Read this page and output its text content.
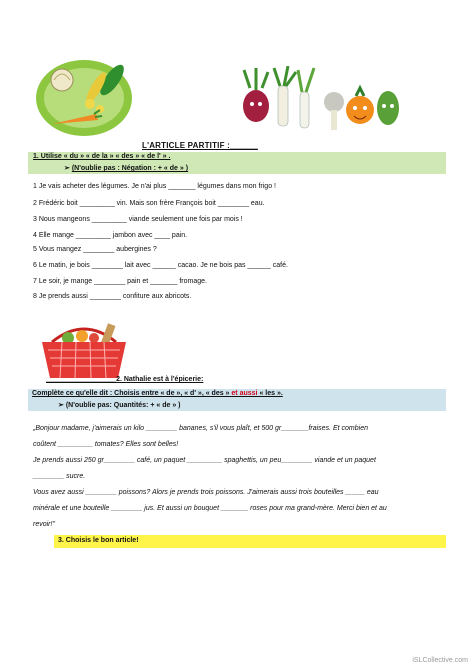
L'ARTICLE PARTITIF :______
1. Utilise « du » « de la » « des » « de l' » .
➢ (N'oublie pas : Négation : + « de » )
1 Je vais acheter des légumes. Je n'ai plus _______ légumes dans mon frigo !
2 Frédéric boit _________ vin. Mais son frère François boit ________ eau.
3 Nous mangeons _________ viande seulement une fois par mois !
4 Elle mange _________ jambon avec ____ pain.
5 Vous mangez ________ aubergines ?
6 Le matin, je bois ________ lait avec ______ cacao. Je ne bois pas ______ café.
7 Le soir, je mange ________ pain et _______ fromage.
8 Je prends aussi ________ confiture aux abricots.
__________________2. Nathalie est à l'épicerie:
Complète ce qu'elle dit : Choisis entre « de », « d' », « des » et aussi « les ».
➢ (N'oublie pas: Quantités: + « de » )
„Bonjour madame, j'aimerais un kilo ________ bananes, s'il vous plaît, et 500 gr_______fraises. Et combien
coûtent _________ tomates? Elles sont belles!
Je prends aussi 250 gr________ café, un paquet _________ spaghettis, un peu________ viande et un paquet
________ sucre.
Vous avez aussi ________ poissons? Alors je prends trois poissons. J'aimerais aussi trois bouteilles _____ eau
minérale et une bouteille ________ jus. Et aussi un bouquet _______ roses pour ma grand-mère. Merci bien et au
revoir!"
3. Choisis le bon article!
iSLCollective.com
